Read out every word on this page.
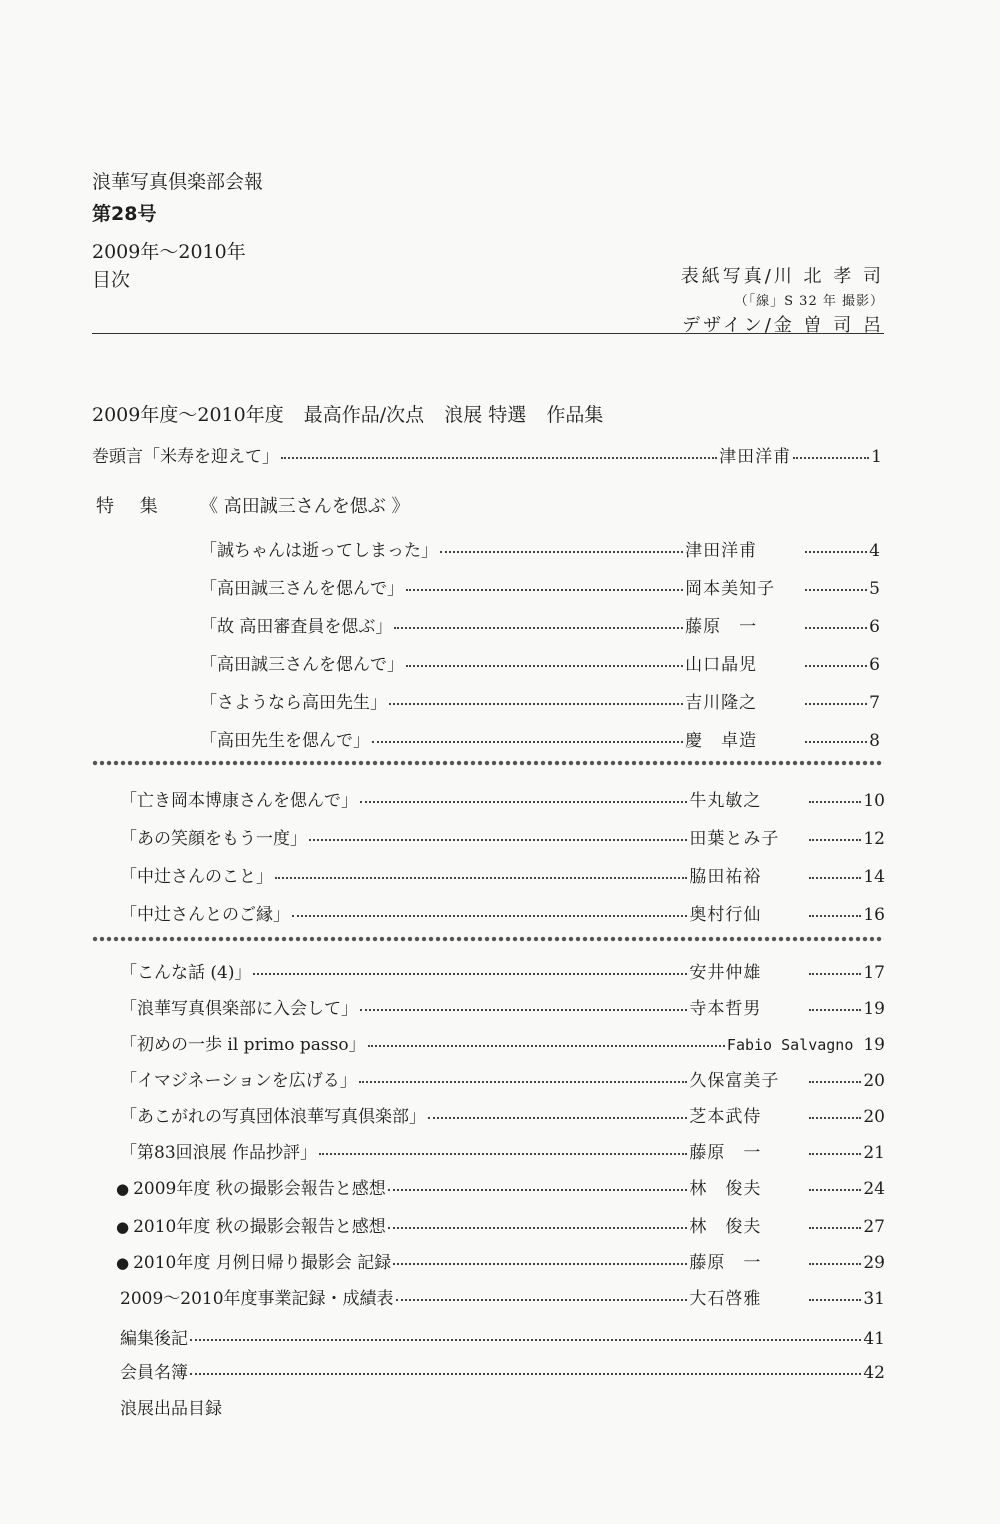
浪華写真倶楽部会報
第28号
2009年～2010年
目次	表紙写真/川 北 孝 司
（「線」S 32 年 撮影）
デザイン/金 曽 司 呂
2009年度～2010年度 最高作品/次点 浪展 特選 作品集
巻頭言「米寿を迎えて」	津田洋甫	1
特 集 《 高田誠三さんを偲ぶ 》
「誠ちゃんは逝ってしまった」	津田洋甫	4
「高田誠三さんを偲んで」	岡本美知子	5
「故 高田審査員を偲ぶ」	藤原　一	6
「高田誠三さんを偲んで」	山口晶児	6
「さようなら高田先生」	吉川隆之	7
「高田先生を偲んで」	慶　卓造	8
「亡き岡本博康さんを偲んで」	牛丸敏之	10
「あの笑顔をもう一度」	田葉とみ子	12
「中辻さんのこと」	脇田祐裕	14
「中辻さんとのご縁」	奥村行仙	16
「こんな話 (4)」	安井仲雄	17
「浪華写真倶楽部に入会して」	寺本哲男	19
「初めの一歩 il primo passo」	Fabio Salvagno 19
「イマジネーションを広げる」	久保富美子	20
「あこがれの写真団体浪華写真倶楽部」	芝本武侍	20
「第83回浪展 作品抄評」	藤原　一	21
● 2009年度 秋の撮影会報告と感想	林　俊夫	24
● 2010年度 秋の撮影会報告と感想	林　俊夫	27
● 2010年度 月例日帰り撮影会 記録	藤原　一	29
2009～2010年度事業記録・成績表	大石啓雅	31
編集後記	41
会員名簿	42
浪展出品目録
